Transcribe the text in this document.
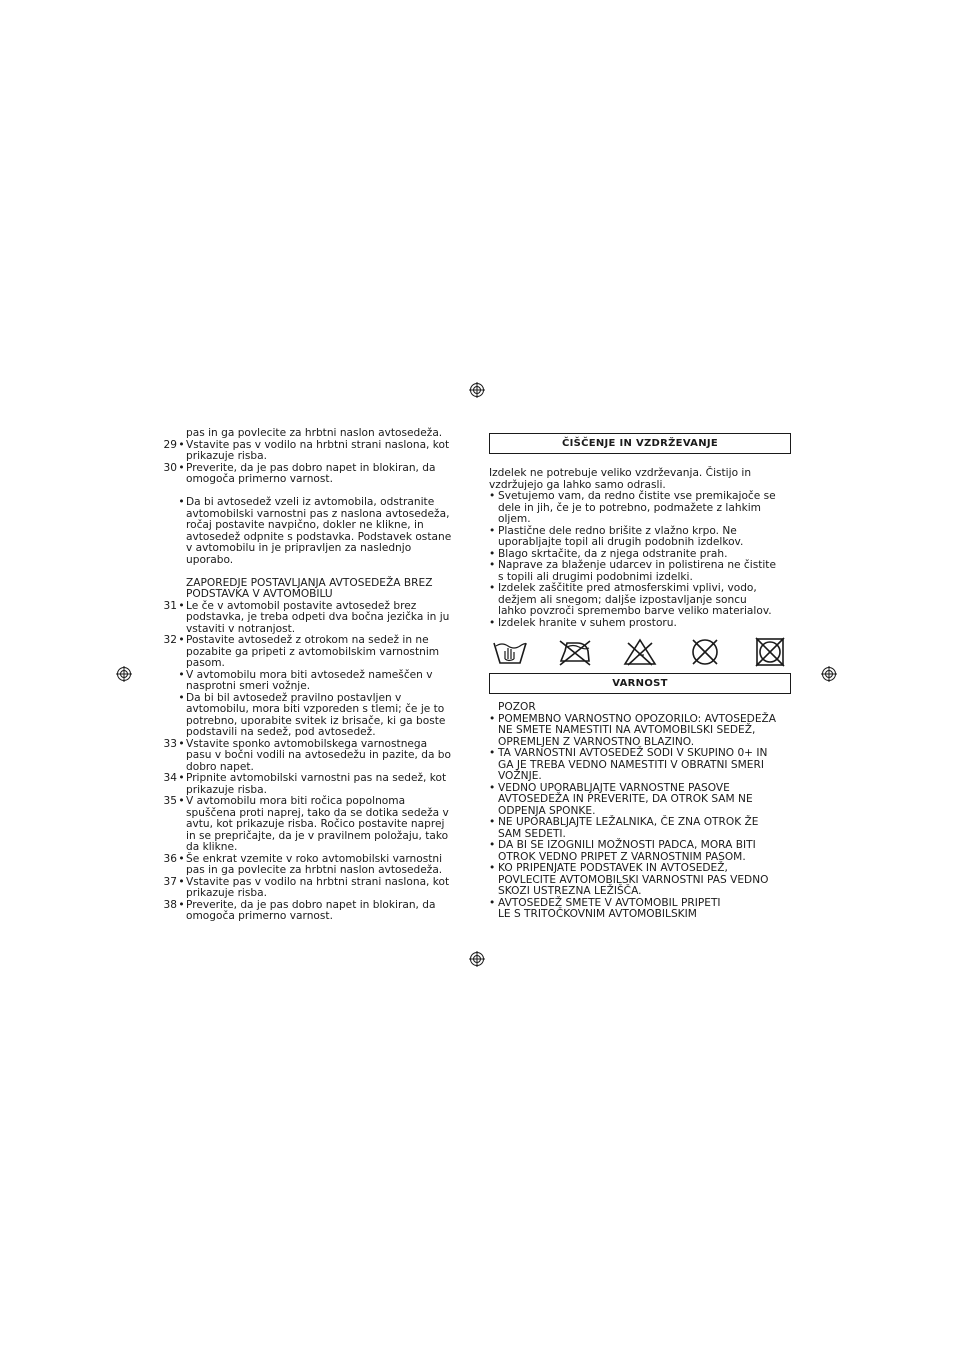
pas in ga povlecite za hrbtni naslon avtosedeža.
29 • Vstavite pas v vodilo na hrbtni strani naslona, kot
prikazuje risba.
30 • Preverite, da je pas dobro napet in blokiran, da
omogoča primerno varnost.
• Da bi avtosedež vzeli iz avtomobila, odstranite
avtomobilski varnostni pas z naslona avtosedeža,
ročaj postavite navpično, dokler ne klikne, in
avtosedež odpnite s podstavka. Podstavek ostane
v avtomobilu in je pripravljen za naslednjo
uporabo.
ZAPOREDJE POSTAVLJANJA AVTOSEDEŽA BREZ
PODSTAVKA V AVTOMOBILU
31 • Le če v avtomobil postavite avtosedež brez
podstavka, je treba odpeti dva bočna jezička in ju
vstaviti v notranjost.
32 • Postavite avtosedež z otrokom na sedež in ne
pozabite ga pripeti z avtomobilskim varnostnim
pasom.
• V avtomobilu mora biti avtosedež nameščen v
nasprotni smeri vožnje.
• Da bi bil avtosedež pravilno postavljen v
avtomobilu, mora biti vzporeden s tlemi; če je to
potrebno, uporabite svitek iz brisače, ki ga boste
podstavili na sedež, pod avtosedež.
33 • Vstavite sponko avtomobilskega varnostnega
pasu v bočni vodili na avtosedežu in pazite, da bo
dobro napet.
34 • Pripnite avtomobilski varnostni pas na sedež, kot
prikazuje risba.
35 • V avtomobilu mora biti ročica popolnoma
spuščena proti naprej, tako da se dotika sedeža v
avtu, kot prikazuje risba. Ročico postavite naprej
in se prepričajte, da je v pravilnem položaju, tako
da klikne.
36 • Še enkrat vzemite v roko avtomobilski varnostni
pas in ga povlecite za hrbtni naslon avtosedeža.
37 • Vstavite pas v vodilo na hrbtni strani naslona, kot
prikazuje risba.
38 • Preverite, da je pas dobro napet in blokiran, da
omogoča primerno varnost.
ČIŠČENJE IN VZDRŽEVANJE
Izdelek ne potrebuje veliko vzdrževanja. Čistijo in
vzdržujejo ga lahko samo odrasli.
• Svetujemo vam, da redno čistite vse premikajoče se
dele in jih, če je to potrebno, podmažete z lahkim
oljem.
• Plastične dele redno brišite z vlažno krpo. Ne
uporabljajte topil ali drugih podobnih izdelkov.
• Blago skrtačite, da z njega odstranite prah.
• Naprave za blaženje udarcev in polistirena ne čistite
s topili ali drugimi podobnimi izdelki.
• Izdelek zaščitite pred atmosferskimi vplivi, vodo,
dežjem ali snegom; daljše izpostavljanje soncu
lahko povzroči spremembo barve veliko materialov.
• Izdelek hranite v suhem prostoru.
VARNOST
POZOR
• POMEMBNO VARNOSTNO OPOZORILO: AVTOSEDEŽA
NE SMETE NAMESTITI NA AVTOMOBILSKI SEDEŽ,
OPREMLJEN Z VARNOSTNO BLAZINO.
• TA VARNOSTNI AVTOSEDEŽ SODI V SKUPINO 0+ IN
GA JE TREBA VEDNO NAMESTITI V OBRATNI SMERI
VOŽNJE.
• VEDNO UPORABLJAJTE VARNOSTNE PASOVE
AVTOSEDEŽA IN PREVERITE, DA OTROK SAM NE
ODPENJA SPONKE.
• NE UPORABLJAJTE LEŽALNIKA, ČE ZNA OTROK ŽE
SAM SEDETI.
• DA BI SE IZOGNILI MOŽNOSTI PADCA, MORA BITI
OTROK VEDNO PRIPET Z VARNOSTNIM PASOM.
• KO PRIPENJATE PODSTAVEK IN AVTOSEDEŽ,
POVLECITE AVTOMOBILSKI VARNOSTNI PAS VEDNO
SKOZI USTREZNA LEŽIŠČA.
• AVTOSEDEŽ SMETE V AVTOMOBIL PRIPETI
LE S TRITOČKOVNIM AVTOMOBILSKIM
